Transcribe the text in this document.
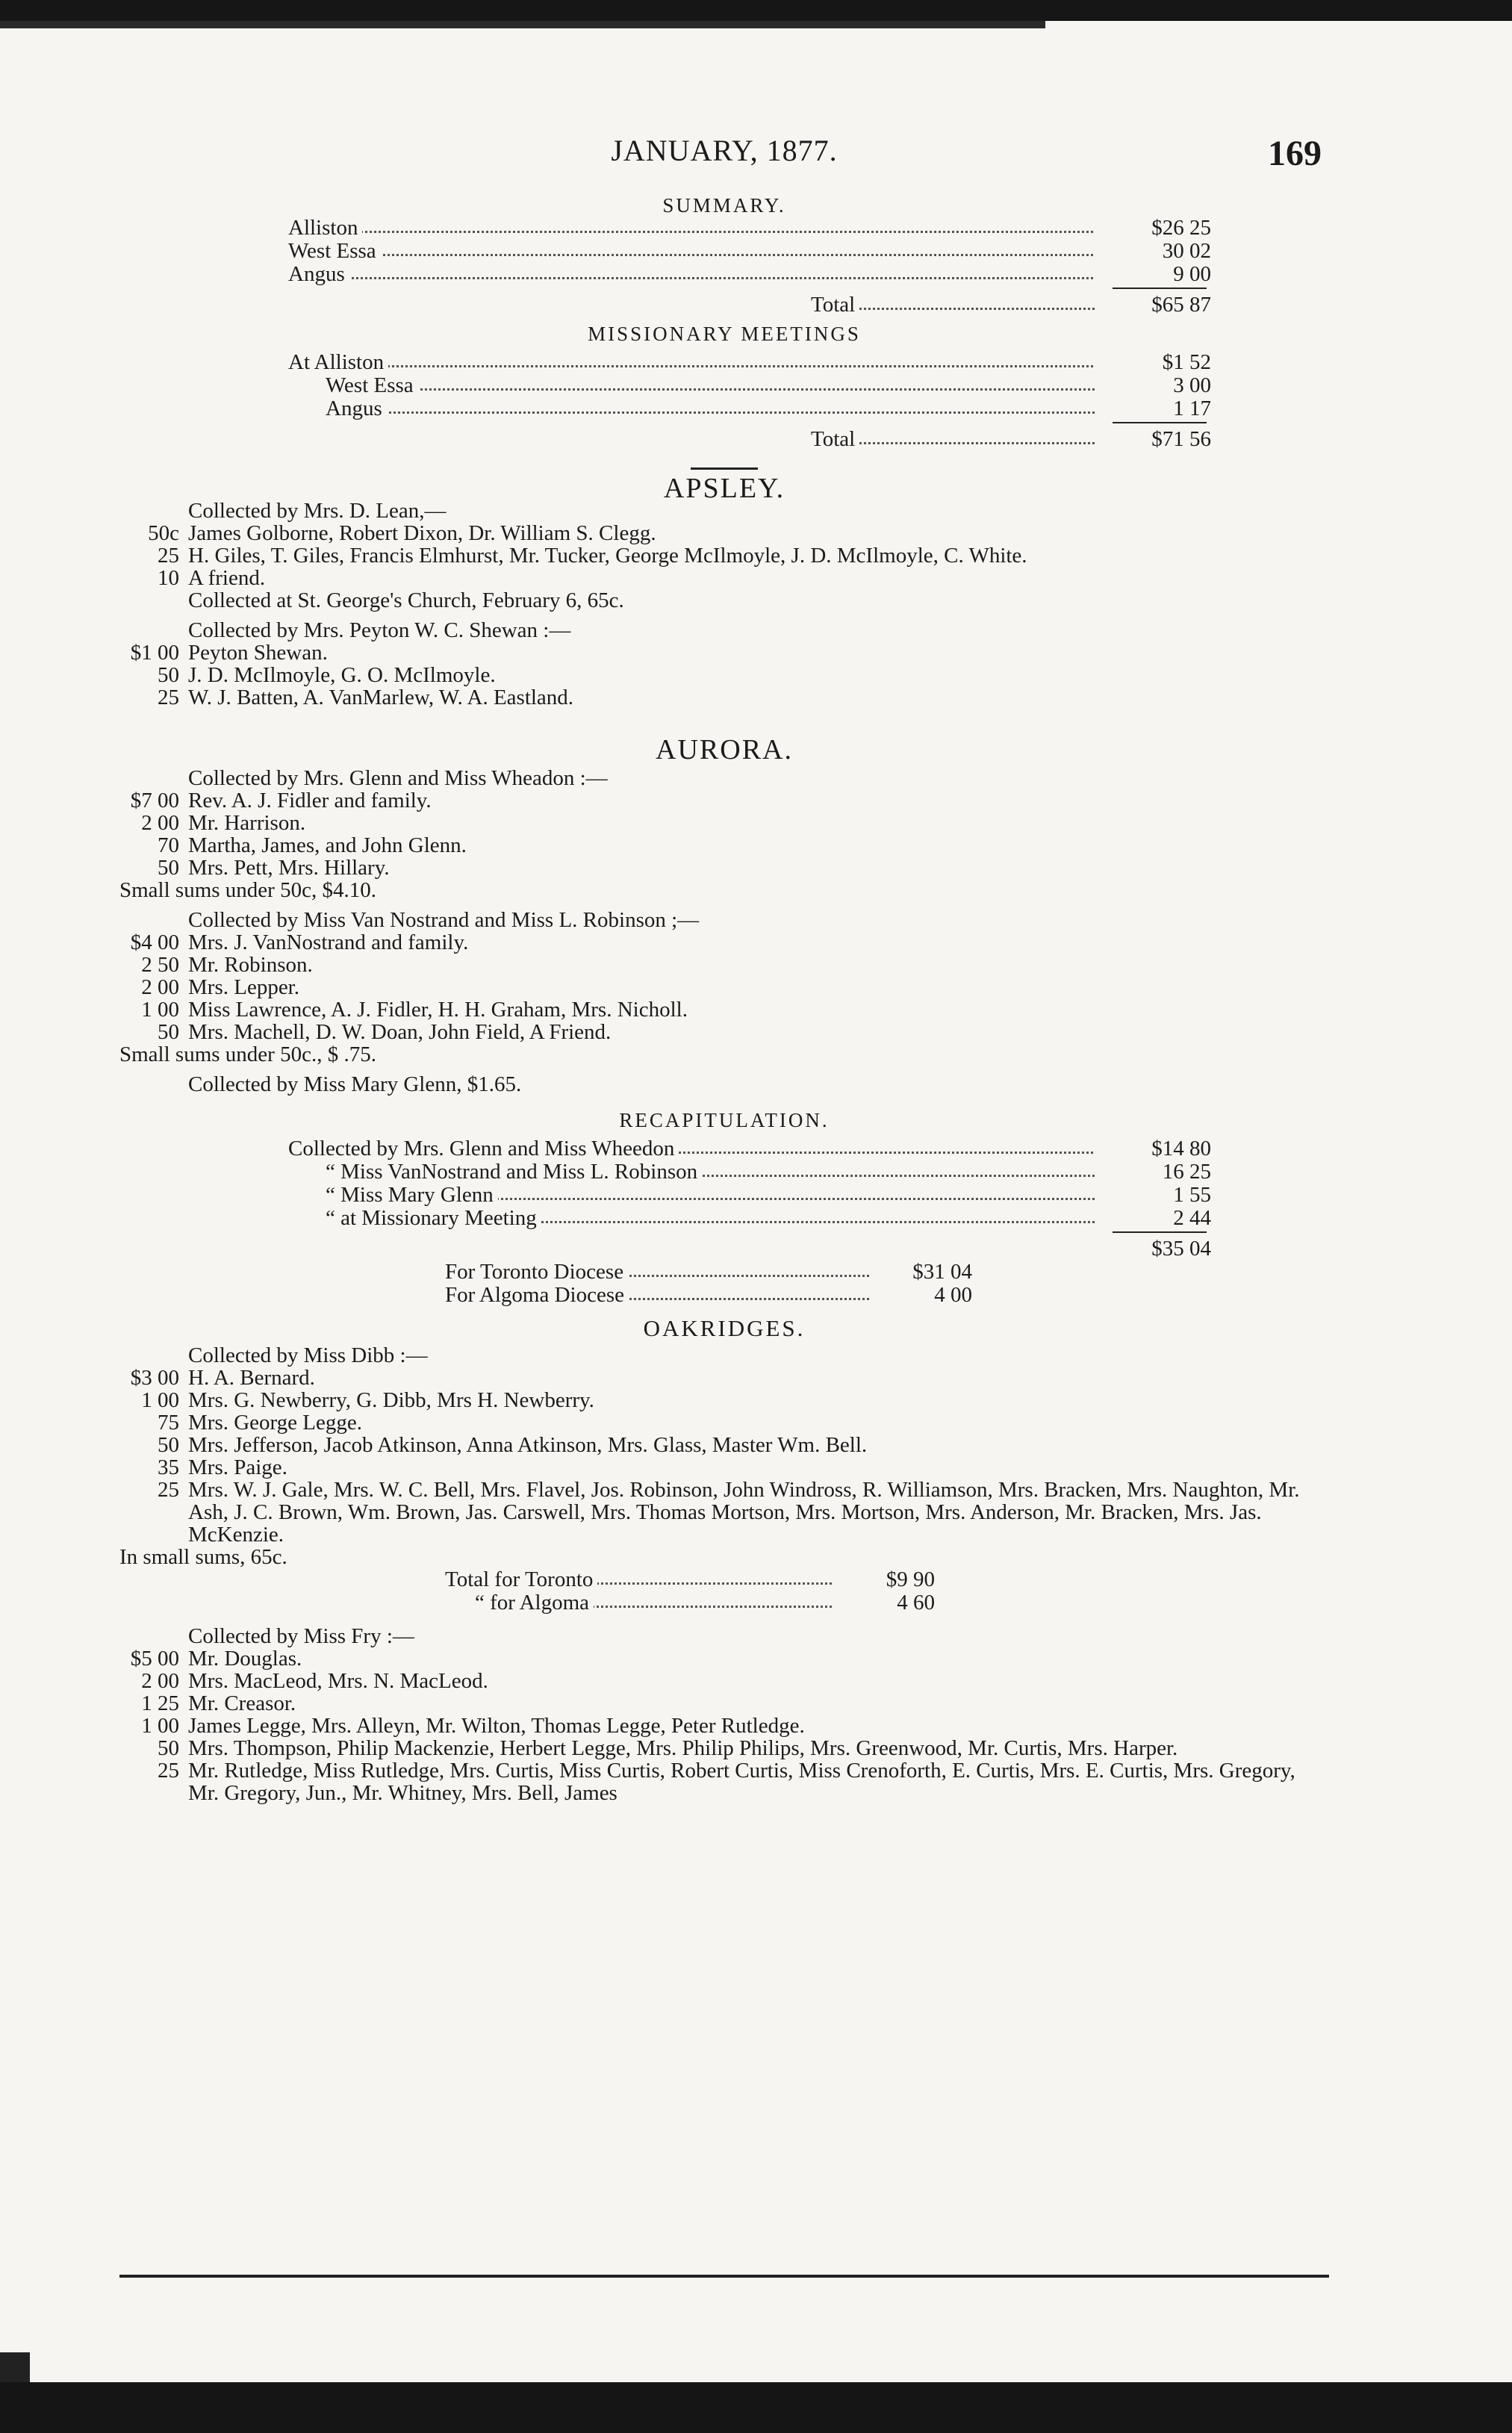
JANUARY, 1877.	169
SUMMARY.
Alliston	$26 25
West Essa	30 02
Angus	9 00
Total	$65 87
MISSIONARY MEETINGS
At Alliston	$1 52
West Essa	3 00
Angus	1 17
Total	$71 56
APSLEY.
Collected by Mrs. D. Lean,—
50c James Golborne, Robert Dixon, Dr. William S. Clegg.
25 H. Giles, T. Giles, Francis Elmhurst, Mr. Tucker, George McIlmoyle, J. D. McIlmoyle, C. White.
10 A friend.
Collected at St. George's Church, February 6, 65c.
Collected by Mrs. Peyton W. C. Shewan :—
$1 00 Peyton Shewan.
50 J. D. McIlmoyle, G. O. McIlmoyle.
25 W. J. Batten, A. VanMarlew, W. A. Eastland.
AURORA.
Collected by Mrs. Glenn and Miss Wheadon :—
$7 00 Rev. A. J. Fidler and family.
2 00 Mr. Harrison.
70 Martha, James, and John Glenn.
50 Mrs. Pett, Mrs. Hillary.
Small sums under 50c, $4.10.
Collected by Miss Van Nostrand and Miss L. Robinson ;—
$4 00 Mrs. J. VanNostrand and family.
2 50 Mr. Robinson.
2 00 Mrs. Lepper.
1 00 Miss Lawrence, A. J. Fidler, H. H. Graham, Mrs. Nicholl.
50 Mrs. Machell, D. W. Doan, John Field, A Friend.
Small sums under 50c., $ .75.
Collected by Miss Mary Glenn, $1.65.
RECAPITULATION.
Collected by Mrs. Glenn and Miss Wheedon	$14 80
“ Miss VanNostrand and Miss L. Robinson	16 25
“ Miss Mary Glenn	1 55
“ at Missionary Meeting	2 44
$35 04
For Toronto Diocese	$31 04
For Algoma Diocese	4 00
OAKRIDGES.
Collected by Miss Dibb :—
$3 00 H. A. Bernard.
1 00 Mrs. G. Newberry, G. Dibb, Mrs H. Newberry.
75 Mrs. George Legge.
50 Mrs. Jefferson, Jacob Atkinson, Anna Atkinson, Mrs. Glass, Master Wm. Bell.
35 Mrs. Paige.
25 Mrs. W. J. Gale, Mrs. W. C. Bell, Mrs. Flavel, Jos. Robinson, John Windross, R. Williamson, Mrs. Bracken, Mrs. Naughton, Mr. Ash, J. C. Brown, Wm. Brown, Jas. Carswell, Mrs. Thomas Mortson, Mrs. Mortson, Mrs. Anderson, Mr. Bracken, Mrs. Jas. McKenzie.
In small sums, 65c.
Total for Toronto	$9 90
“ for Algoma	4 60
Collected by Miss Fry :—
$5 00 Mr. Douglas.
2 00 Mrs. MacLeod, Mrs. N. MacLeod.
1 25 Mr. Creasor.
1 00 James Legge, Mrs. Alleyn, Mr. Wilton, Thomas Legge, Peter Rutledge.
50 Mrs. Thompson, Philip Mackenzie, Herbert Legge, Mrs. Philip Philips, Mrs. Greenwood, Mr. Curtis, Mrs. Harper.
25 Mr. Rutledge, Miss Rutledge, Mrs. Curtis, Miss Curtis, Robert Curtis, Miss Crenoforth, E. Curtis, Mrs. E. Curtis, Mrs. Gregory, Mr. Gregory, Jun., Mr. Whitney, Mrs. Bell, James
